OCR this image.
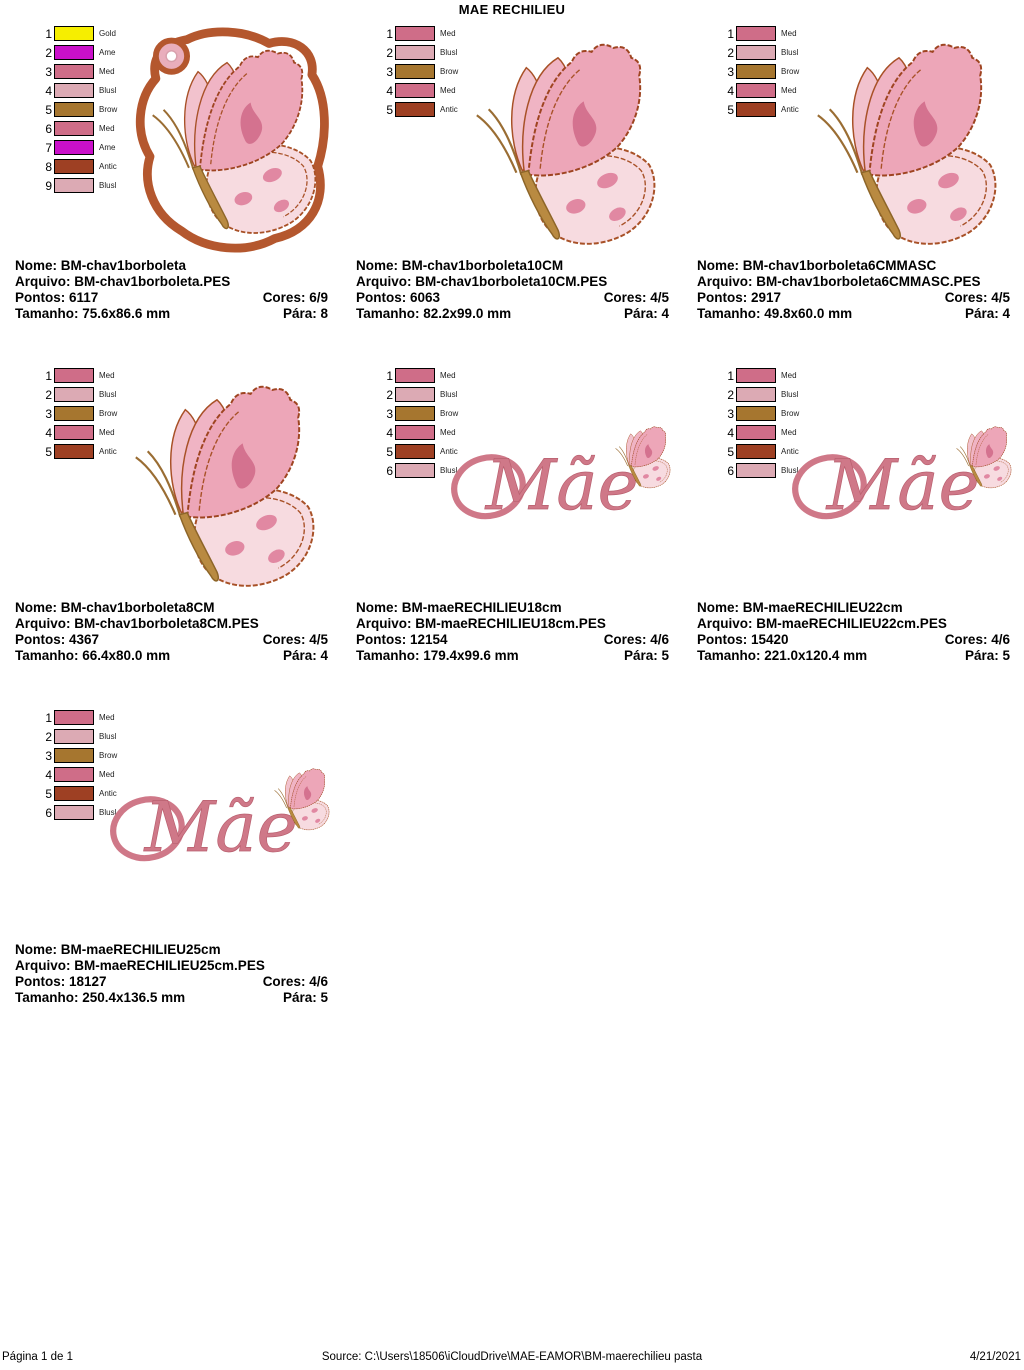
MAE RECHILIEU
1	Gold
2	Ame
3	Med
4	Blusl
5	Brow
6	Med
7	Ame
8	Antic
9	Blusl
Nome: BM-chav1borboleta
Arquivo: BM-chav1borboleta.PES
Pontos: 6117	Cores: 6/9
Tamanho: 75.6x86.6 mm	Pára: 8
1	Med
2	Blusl
3	Brow
4	Med
5	Antic
Nome: BM-chav1borboleta10CM
Arquivo: BM-chav1borboleta10CM.PES
Pontos: 6063	Cores: 4/5
Tamanho: 82.2x99.0 mm	Pára: 4
1	Med
2	Blusl
3	Brow
4	Med
5	Antic
Nome: BM-chav1borboleta6CMMASC
Arquivo: BM-chav1borboleta6CMMASC.PES
Pontos: 2917	Cores: 4/5
Tamanho: 49.8x60.0 mm	Pára: 4
1	Med
2	Blusl
3	Brow
4	Med
5	Antic
Nome: BM-chav1borboleta8CM
Arquivo: BM-chav1borboleta8CM.PES
Pontos: 4367	Cores: 4/5
Tamanho: 66.4x80.0 mm	Pára: 4
1	Med
2	Blusl
3	Brow
4	Med
5	Antic
6	Blusl
Nome: BM-maeRECHILIEU18cm
Arquivo: BM-maeRECHILIEU18cm.PES
Pontos: 12154	Cores: 4/6
Tamanho: 179.4x99.6 mm	Pára: 5
1	Med
2	Blusl
3	Brow
4	Med
5	Antic
6	Blusl
Nome: BM-maeRECHILIEU22cm
Arquivo: BM-maeRECHILIEU22cm.PES
Pontos: 15420	Cores: 4/6
Tamanho: 221.0x120.4 mm	Pára: 5
1	Med
2	Blusl
3	Brow
4	Med
5	Antic
6	Blusl
Nome: BM-maeRECHILIEU25cm
Arquivo: BM-maeRECHILIEU25cm.PES
Pontos: 18127	Cores: 4/6
Tamanho: 250.4x136.5 mm	Pára: 5
Página 1 de 1	Source: C:\Users\18506\iCloudDrive\MAE-EAMOR\BM-maerechilieu pasta	4/21/2021
